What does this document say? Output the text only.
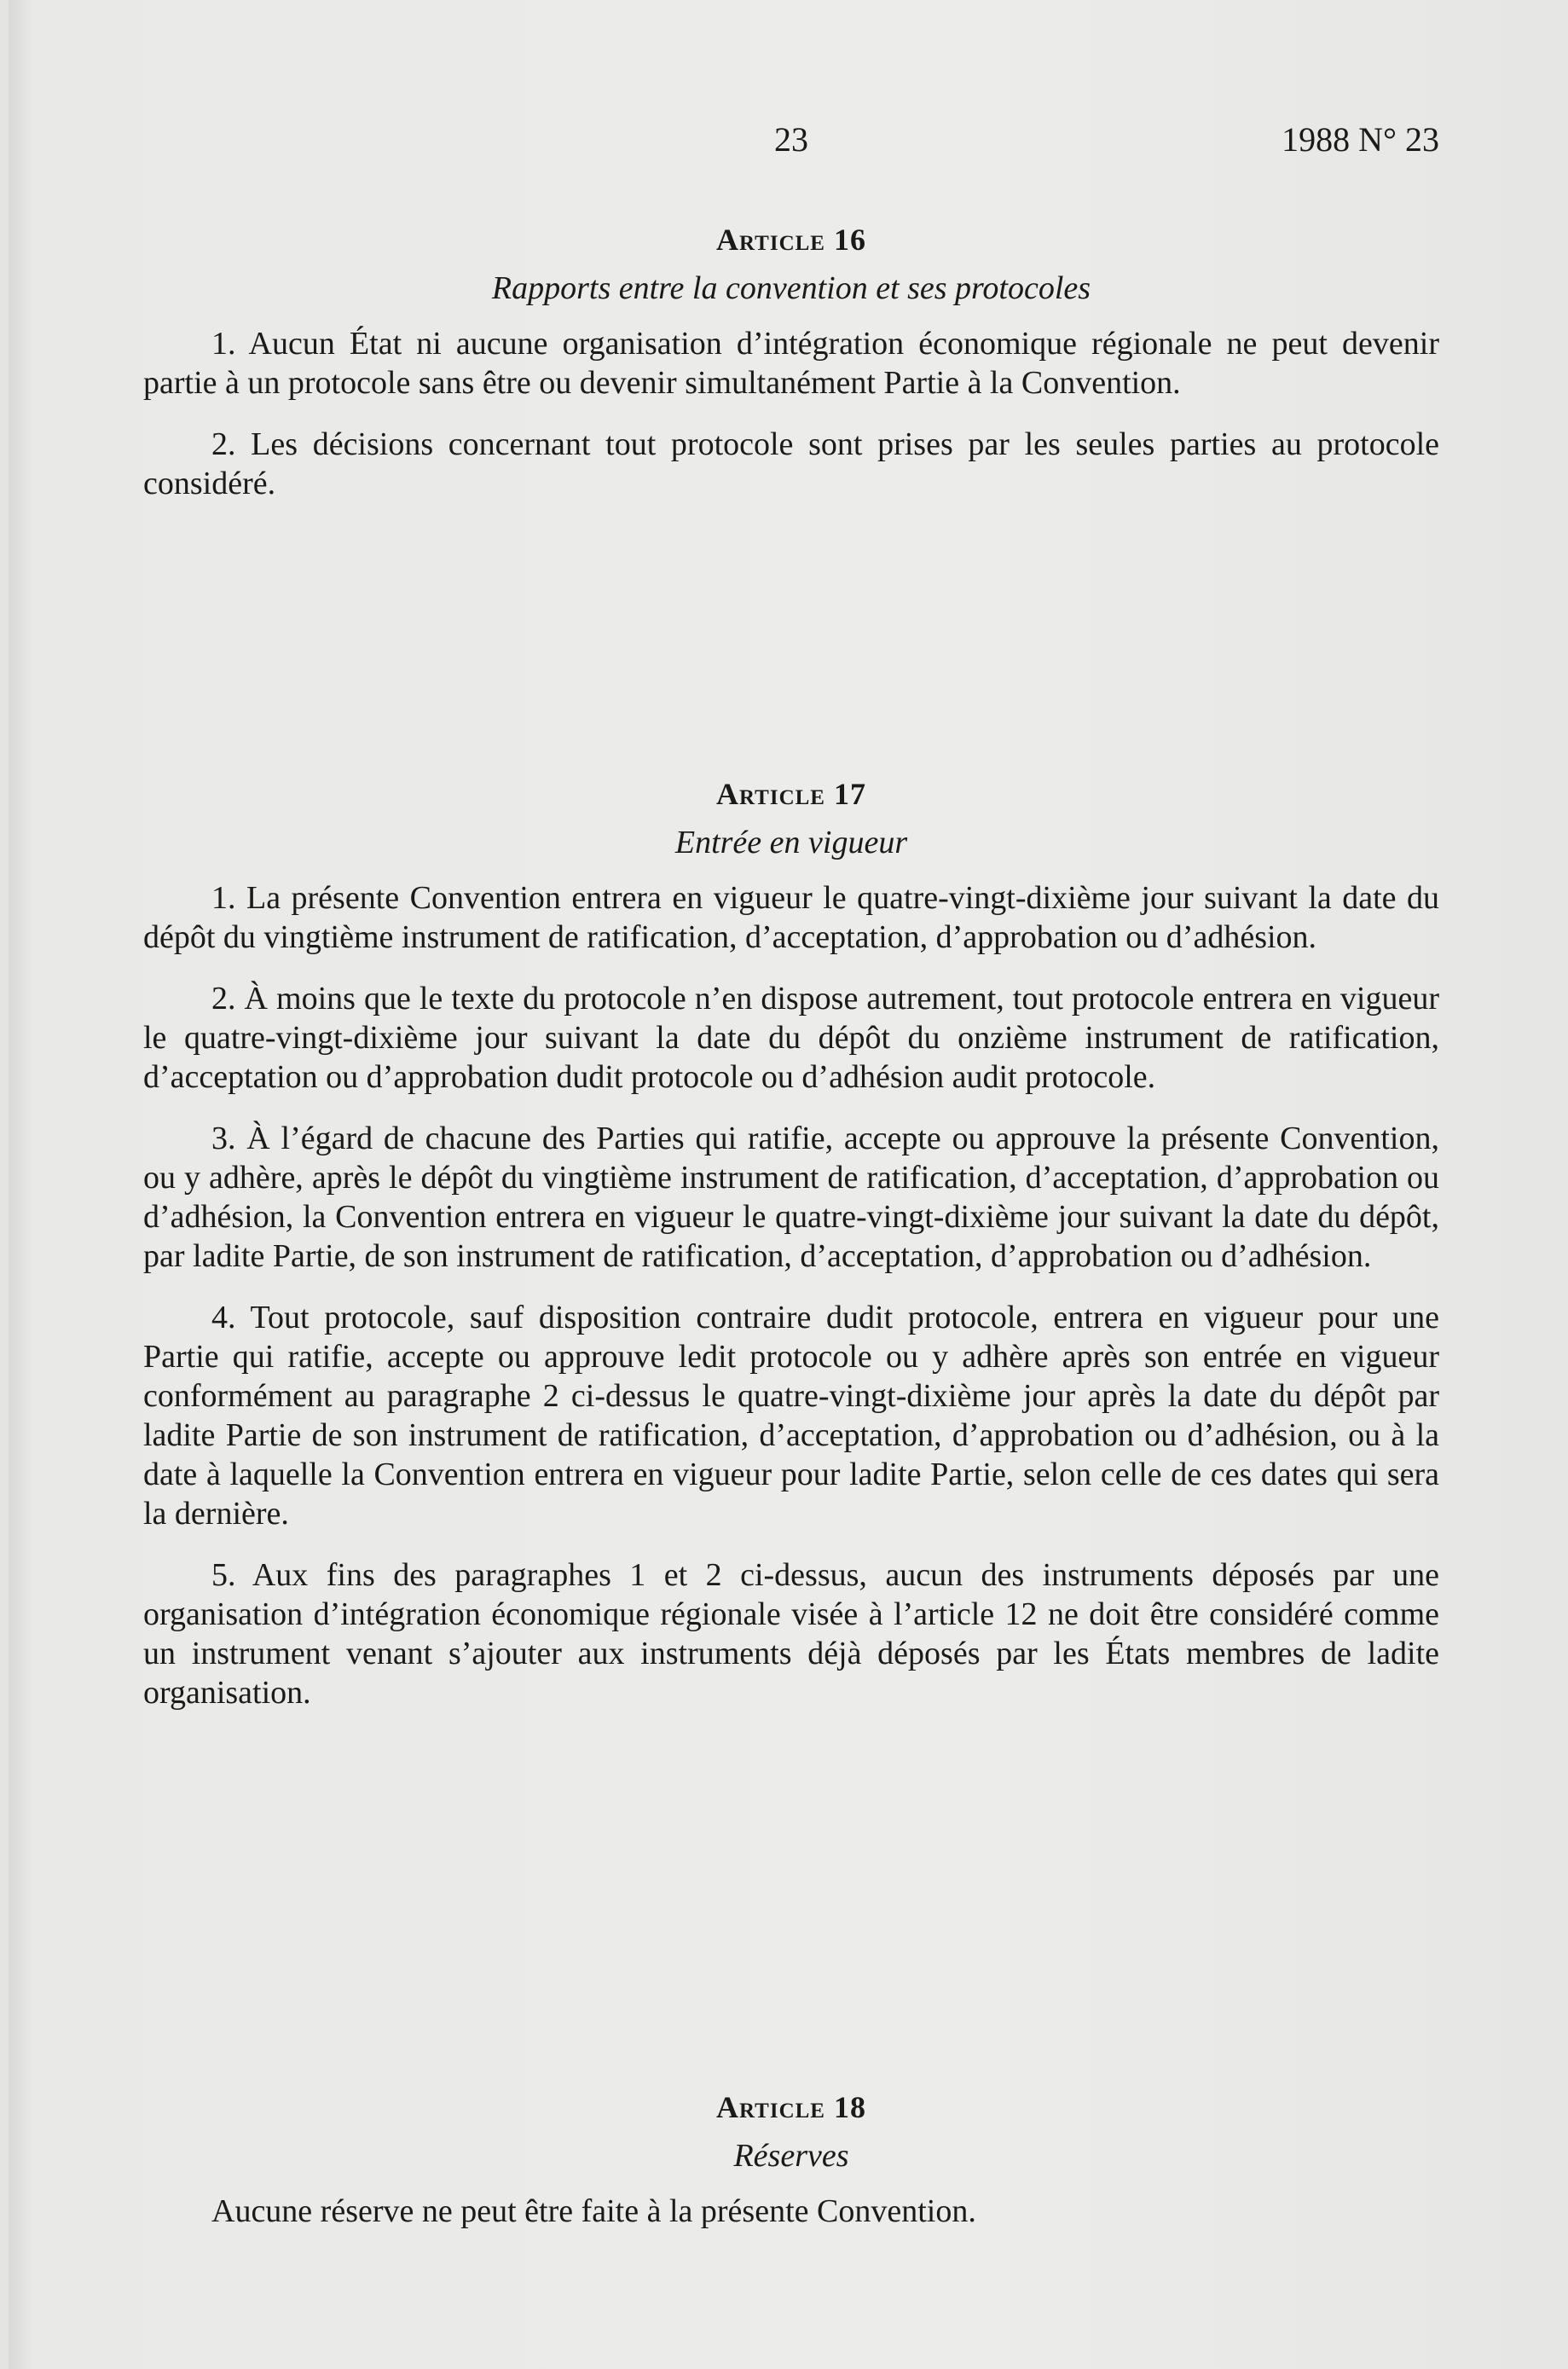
23	1988 N° 23
Article 16
Rapports entre la convention et ses protocoles

1. Aucun État ni aucune organisation d’intégration économique régionale ne peut devenir partie à un protocole sans être ou devenir simultanément Partie à la Convention.

2. Les décisions concernant tout protocole sont prises par les seules parties au protocole considéré.

Article 17
Entrée en vigueur

1. La présente Convention entrera en vigueur le quatre-vingt-dixième jour suivant la date du dépôt du vingtième instrument de ratification, d’acceptation, d’approbation ou d’adhésion.

2. À moins que le texte du protocole n’en dispose autrement, tout protocole entrera en vigueur le quatre-vingt-dixième jour suivant la date du dépôt du onzième instrument de ratification, d’acceptation ou d’approbation dudit protocole ou d’adhésion audit protocole.

3. À l’égard de chacune des Parties qui ratifie, accepte ou approuve la présente Convention, ou y adhère, après le dépôt du vingtième instrument de ratification, d’acceptation, d’approbation ou d’adhésion, la Convention entrera en vigueur le quatre-vingt-dixième jour suivant la date du dépôt, par ladite Partie, de son instrument de ratification, d’acceptation, d’approbation ou d’adhésion.

4. Tout protocole, sauf disposition contraire dudit protocole, entrera en vigueur pour une Partie qui ratifie, accepte ou approuve ledit protocole ou y adhère après son entrée en vigueur conformément au paragraphe 2 ci-dessus le quatre-vingt-dixième jour après la date du dépôt par ladite Partie de son instrument de ratification, d’acceptation, d’approbation ou d’adhésion, ou à la date à laquelle la Convention entrera en vigueur pour ladite Partie, selon celle de ces dates qui sera la dernière.

5. Aux fins des paragraphes 1 et 2 ci-dessus, aucun des instruments déposés par une organisation d’intégration économique régionale visée à l’article 12 ne doit être considéré comme un instrument venant s’ajouter aux instruments déjà déposés par les États membres de ladite organisation.

Article 18
Réserves

Aucune réserve ne peut être faite à la présente Convention.
